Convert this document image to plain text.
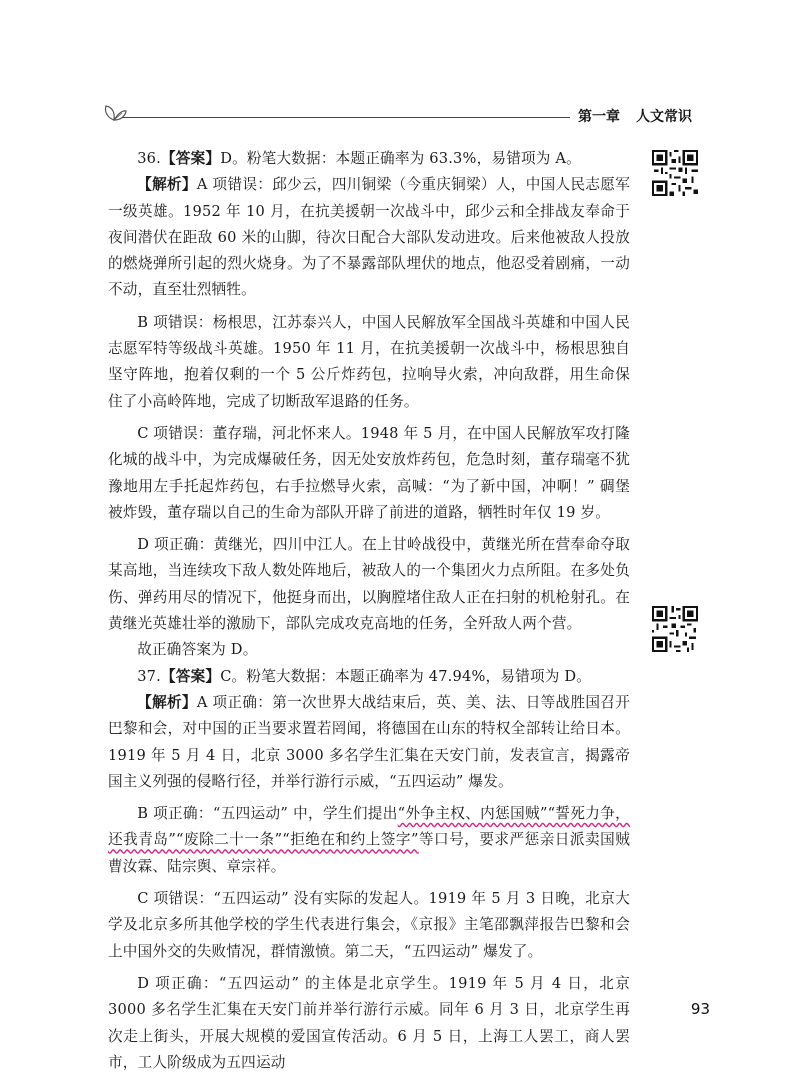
第一章 人文常识

36.【答案】D。粉笔大数据：本题正确率为 63.3%，易错项为 A。

【解析】A 项错误：邱少云，四川铜梁（今重庆铜梁）人，中国人民志愿军一级英雄。1952 年 10 月，在抗美援朝一次战斗中，邱少云和全排战友奉命于夜间潜伏在距敌 60 米的山脚，待次日配合大部队发动进攻。后来他被敌人投放的燃烧弹所引起的烈火烧身。为了不暴露部队埋伏的地点，他忍受着剧痛，一动不动，直至壮烈牺牲。

B 项错误：杨根思，江苏泰兴人，中国人民解放军全国战斗英雄和中国人民志愿军特等级战斗英雄。1950 年 11 月，在抗美援朝一次战斗中，杨根思独自坚守阵地，抱着仅剩的一个 5 公斤炸药包，拉响导火索，冲向敌群，用生命保住了小高岭阵地，完成了切断敌军退路的任务。

C 项错误：董存瑞，河北怀来人。1948 年 5 月，在中国人民解放军攻打隆化城的战斗中，为完成爆破任务，因无处安放炸药包，危急时刻，董存瑞毫不犹豫地用左手托起炸药包，右手拉燃导火索，高喊：“为了新中国，冲啊！” 碉堡被炸毁，董存瑞以自己的生命为部队开辟了前进的道路，牺牲时年仅 19 岁。

D 项正确：黄继光，四川中江人。在上甘岭战役中，黄继光所在营奉命夺取某高地，当连续攻下敌人数处阵地后，被敌人的一个集团火力点所阻。在多处负伤、弹药用尽的情况下，他挺身而出，以胸膛堵住敌人正在扫射的机枪射孔。在黄继光英雄壮举的激励下，部队完成攻克高地的任务，全歼敌人两个营。

故正确答案为 D。

37.【答案】C。粉笔大数据：本题正确率为 47.94%，易错项为 D。

【解析】A 项正确：第一次世界大战结束后，英、美、法、日等战胜国召开巴黎和会，对中国的正当要求置若罔闻，将德国在山东的特权全部转让给日本。1919 年 5 月 4 日，北京 3000 多名学生汇集在天安门前，发表宣言，揭露帝国主义列强的侵略行径，并举行游行示威，“五四运动” 爆发。

B 项正确：“五四运动” 中，学生们提出“外争主权、内惩国贼”“誓死力争，还我青岛”“废除二十一条”“拒绝在和约上签字”等口号，要求严惩亲日派卖国贼曹汝霖、陆宗舆、章宗祥。

C 项错误：“五四运动” 没有实际的发起人。1919 年 5 月 3 日晚，北京大学及北京多所其他学校的学生代表进行集会，《京报》主笔邵飘萍报告巴黎和会上中国外交的失败情况，群情激愤。第二天，“五四运动” 爆发了。

D 项正确：“五四运动” 的主体是北京学生。1919 年 5 月 4 日，北京 3000 多名学生汇集在天安门前并举行游行示威。同年 6 月 3 日，北京学生再次走上街头，开展大规模的爱国宣传活动。6 月 5 日，上海工人罢工，商人罢市，工人阶级成为五四运动

93
